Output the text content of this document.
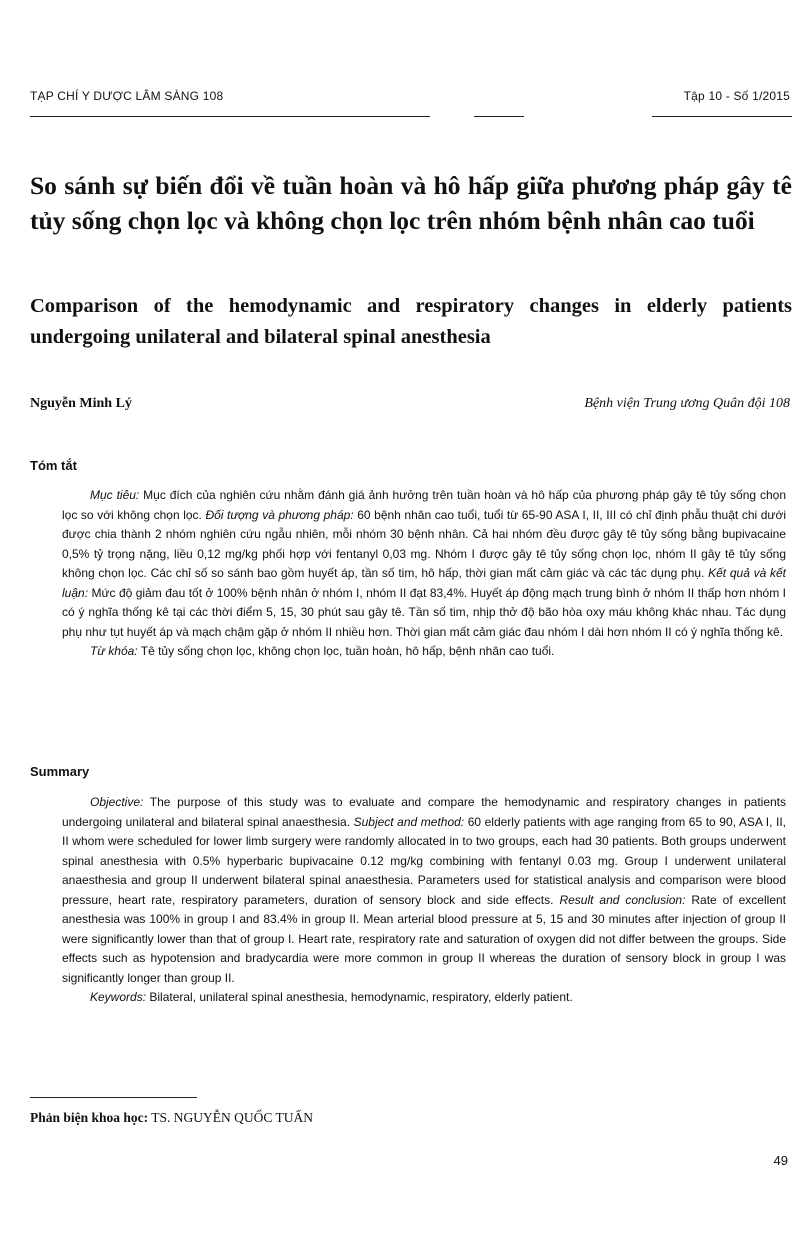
TẠP CHÍ Y DƯỢC LÂM SÀNG 108	Tập 10 - Số 1/2015
So sánh sự biến đổi về tuần hoàn và hô hấp giữa phương pháp gây tê tủy sống chọn lọc và không chọn lọc trên nhóm bệnh nhân cao tuổi
Comparison of the hemodynamic and respiratory changes in elderly patients undergoing unilateral and bilateral spinal anesthesia
Nguyễn Minh Lý	Bệnh viện Trung ương Quân đội 108
Tóm tắt

Mục tiêu: Mục đích của nghiên cứu nhằm đánh giá ảnh hưởng trên tuần hoàn và hô hấp của phương pháp gây tê tủy sống chọn lọc so với không chọn lọc. Đối tượng và phương pháp: 60 bệnh nhân cao tuổi, tuổi từ 65-90 ASA I, II, III có chỉ định phẫu thuật chi dưới được chia thành 2 nhóm nghiên cứu ngẫu nhiên, mỗi nhóm 30 bệnh nhân. Cả hai nhóm đều được gây tê tủy sống bằng bupivacaine 0,5% tỷ trọng nặng, liều 0,12 mg/kg phối hợp với fentanyl 0,03 mg. Nhóm I được gây tê tủy sống chọn lọc, nhóm II gây tê tủy sống không chọn lọc. Các chỉ số so sánh bao gồm huyết áp, tần số tim, hô hấp, thời gian mất cảm giác và các tác dụng phụ. Kết quả và kết luận: Mức độ giảm đau tốt ở 100% bệnh nhân ở nhóm I, nhóm II đạt 83,4%. Huyết áp động mạch trung bình ở nhóm II thấp hơn nhóm I có ý nghĩa thống kê tại các thời điểm 5, 15, 30 phút sau gây tê. Tần số tim, nhịp thở độ bão hòa oxy máu không khác nhau. Tác dụng phụ như tụt huyết áp và mạch chậm gặp ở nhóm II nhiều hơn. Thời gian mất cảm giác đau nhóm I dài hơn nhóm II có ý nghĩa thống kê.

Từ khóa: Tê tủy sống chọn lọc, không chọn lọc, tuần hoàn, hô hấp, bệnh nhân cao tuổi.

Summary

Objective: The purpose of this study was to evaluate and compare the hemodynamic and respiratory changes in patients undergoing unilateral and bilateral spinal anaesthesia. Subject and method: 60 elderly patients with age ranging from 65 to 90, ASA I, II, II whom were scheduled for lower limb surgery were randomly allocated in to two groups, each had 30 patients. Both groups underwent spinal anesthesia with 0.5% hyperbaric bupivacaine 0.12 mg/kg combining with fentanyl 0.03 mg. Group I underwent unilateral anaesthesia and group II underwent bilateral spinal anaesthesia. Parameters used for statistical analysis and comparison were blood pressure, heart rate, respiratory parameters, duration of sensory block and side effects. Result and conclusion: Rate of excellent anesthesia was 100% in group I and 83.4% in group II. Mean arterial blood pressure at 5, 15 and 30 minutes after injection of group II were significantly lower than that of group I. Heart rate, respiratory rate and saturation of oxygen did not differ between the groups. Side effects such as hypotension and bradycardia were more common in group II whereas the duration of sensory block in group I was significantly longer than group II.

Keywords: Bilateral, unilateral spinal anesthesia, hemodynamic, respiratory, elderly patient.

Phản biện khoa học: TS. NGUYỄN QUỐC TUẤN
49
